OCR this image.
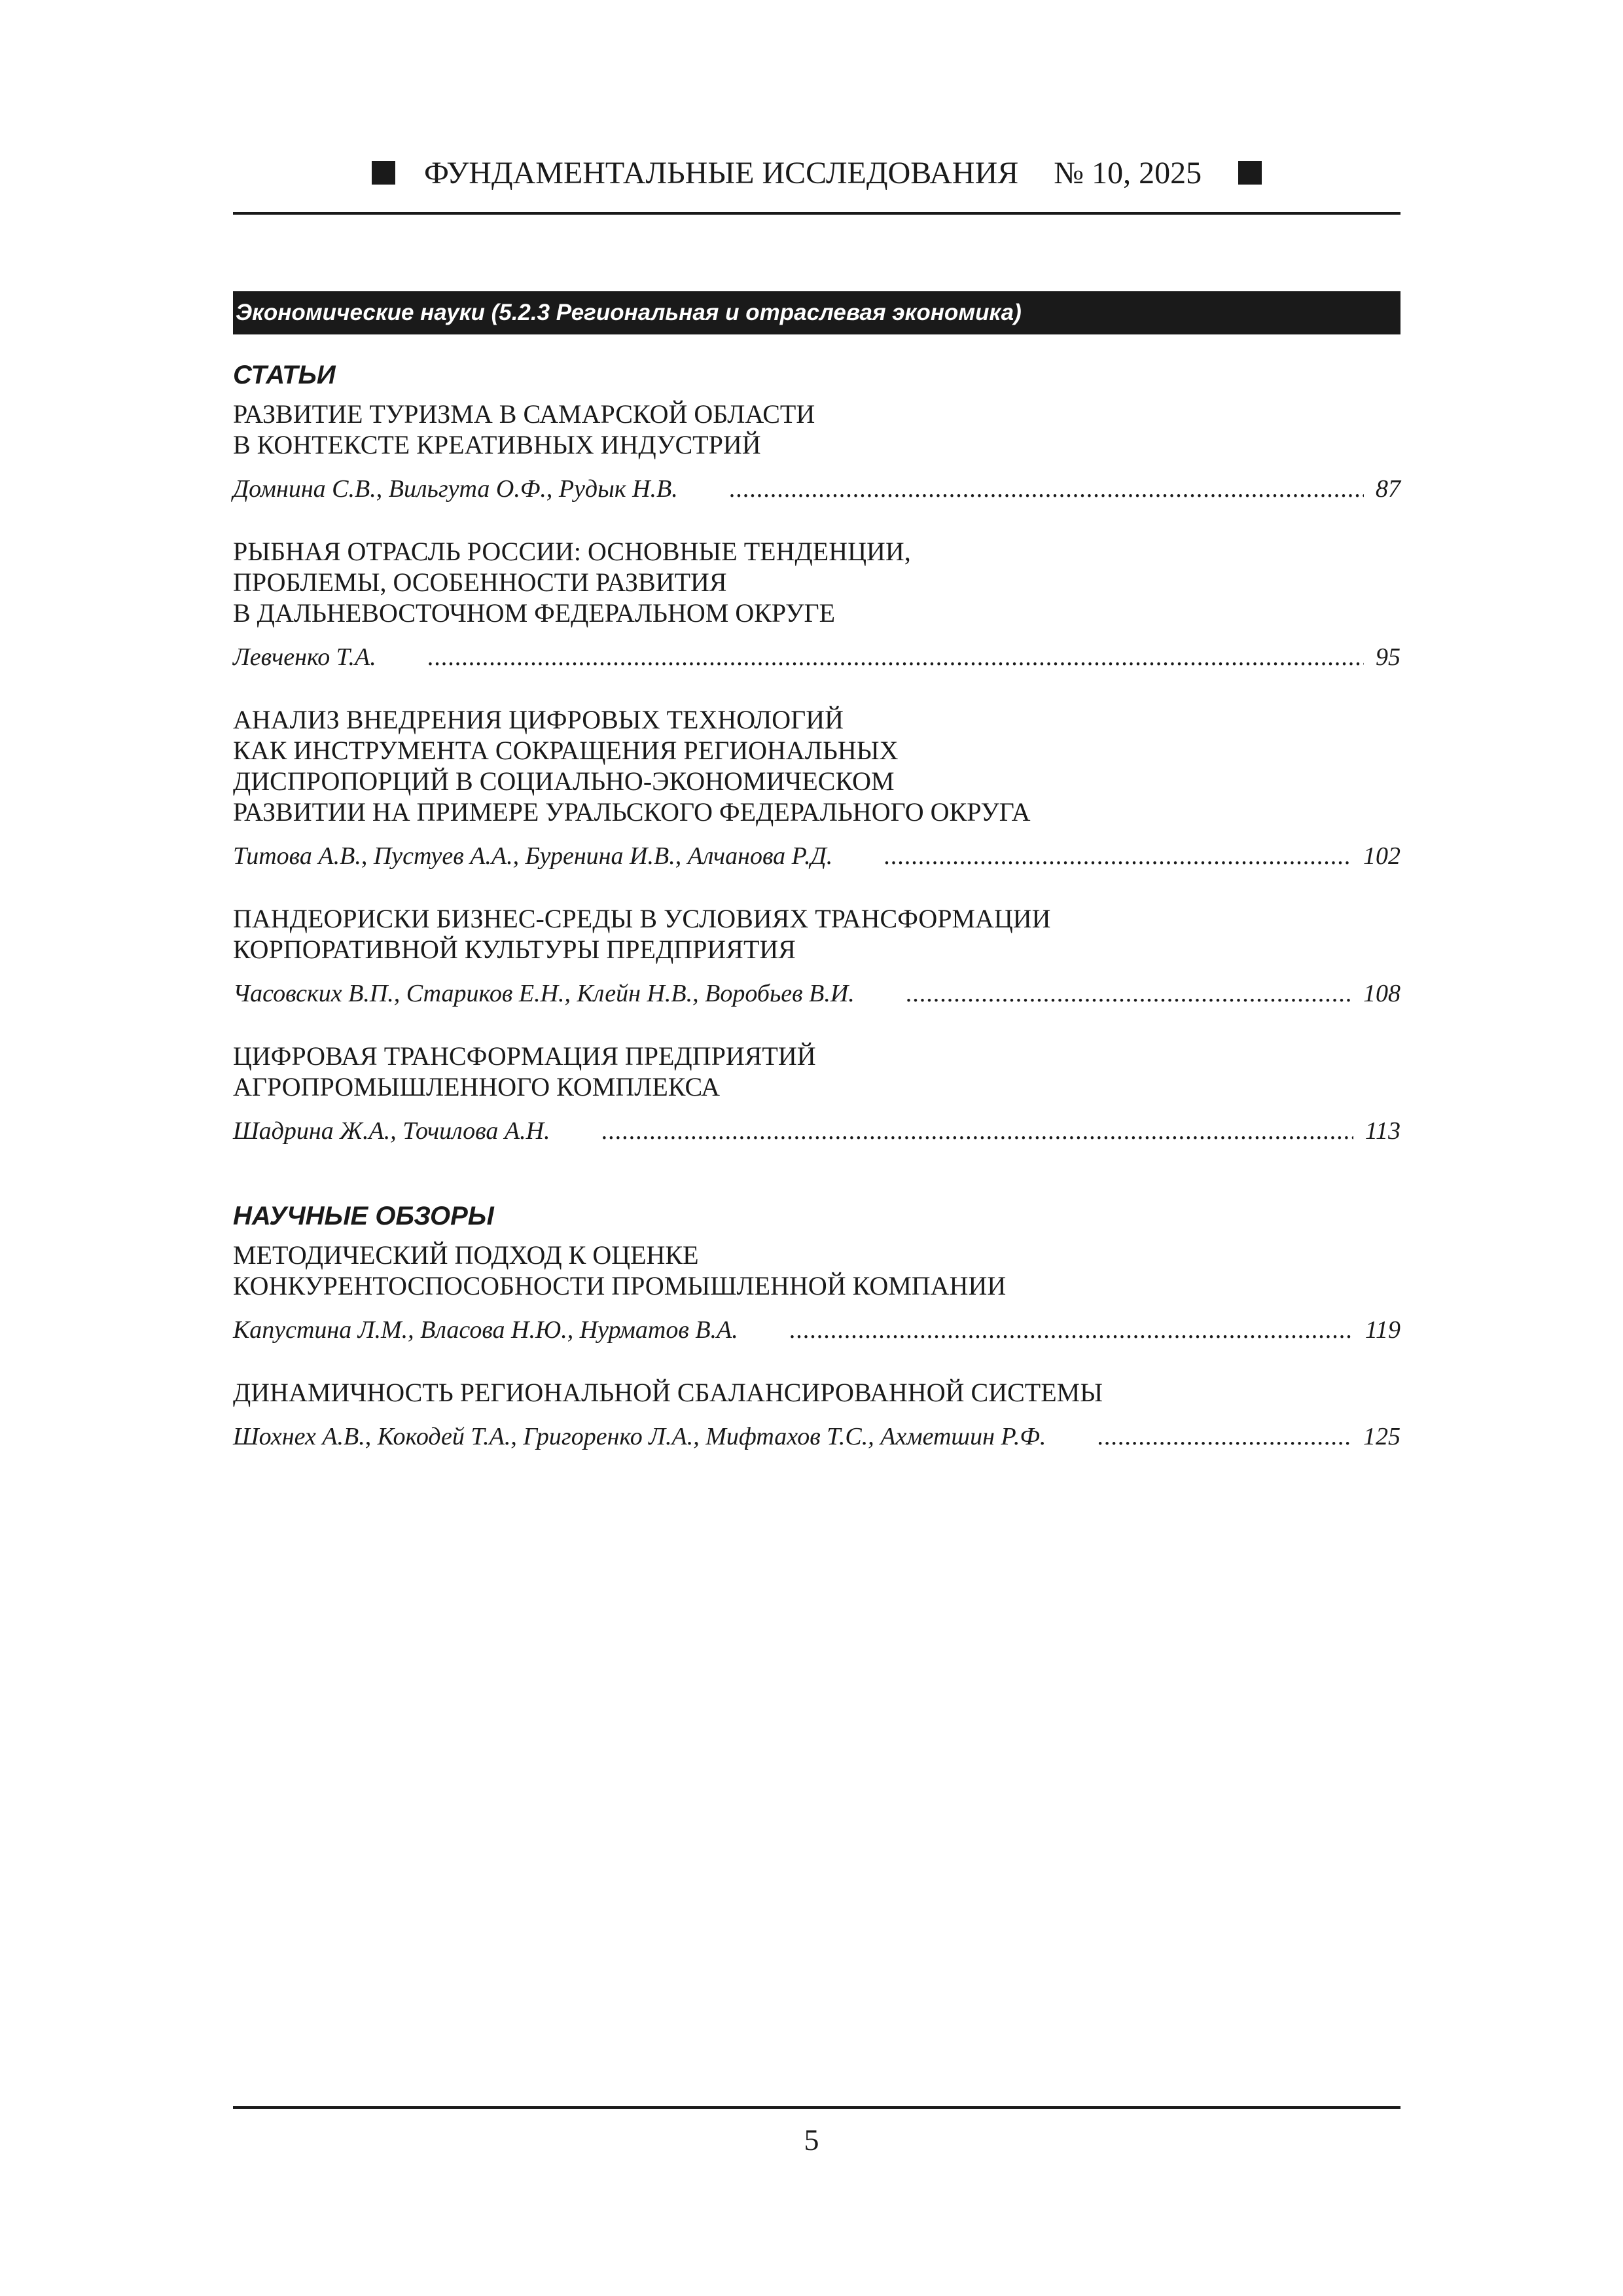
ФУНДАМЕНТАЛЬНЫЕ ИССЛЕДОВАНИЯ № 10, 2025
Экономические науки (5.2.3 Региональная и отраслевая экономика)
СТАТЬИ
РАЗВИТИЕ ТУРИЗМА В САМАРСКОЙ ОБЛАСТИ
В КОНТЕКСТЕ КРЕАТИВНЫХ ИНДУСТРИЙ
Домнина С.В., Вильгута О.Ф., Рудык Н.В. .....	87
РЫБНАЯ ОТРАСЛЬ РОССИИ: ОСНОВНЫЕ ТЕНДЕНЦИИ,
ПРОБЛЕМЫ, ОСОБЕННОСТИ РАЗВИТИЯ
В ДАЛЬНЕВОСТОЧНОМ ФЕДЕРАЛЬНОМ ОКРУГЕ
Левченко Т.А. .....	95
АНАЛИЗ ВНЕДРЕНИЯ ЦИФРОВЫХ ТЕХНОЛОГИЙ
КАК ИНСТРУМЕНТА СОКРАЩЕНИЯ РЕГИОНАЛЬНЫХ
ДИСПРОПОРЦИЙ В СОЦИАЛЬНО-ЭКОНОМИЧЕСКОМ
РАЗВИТИИ НА ПРИМЕРЕ УРАЛЬСКОГО ФЕДЕРАЛЬНОГО ОКРУГА
Титова А.В., Пустуев А.А., Буренина И.В., Алчанова Р.Д. .....	102
ПАНДЕОРИСКИ БИЗНЕС-СРЕДЫ В УСЛОВИЯХ ТРАНСФОРМАЦИИ
КОРПОРАТИВНОЙ КУЛЬТУРЫ ПРЕДПРИЯТИЯ
Часовских В.П., Стариков Е.Н., Клейн Н.В., Воробьев В.И. .....	108
ЦИФРОВАЯ ТРАНСФОРМАЦИЯ ПРЕДПРИЯТИЙ
АГРОПРОМЫШЛЕННОГО КОМПЛЕКСА
Шадрина Ж.А., Точилова А.Н. .....	113
НАУЧНЫЕ ОБЗОРЫ
МЕТОДИЧЕСКИЙ ПОДХОД К ОЦЕНКЕ
КОНКУРЕНТОСПОСОБНОСТИ ПРОМЫШЛЕННОЙ КОМПАНИИ
Капустина Л.М., Власова Н.Ю., Нурматов В.А. .....	119
ДИНАМИЧНОСТЬ РЕГИОНАЛЬНОЙ СБАЛАНСИРОВАННОЙ СИСТЕМЫ
Шохнех А.В., Кокодей Т.А., Григоренко Л.А., Мифтахов Т.С., Ахметшин Р.Ф. .....	125
5
